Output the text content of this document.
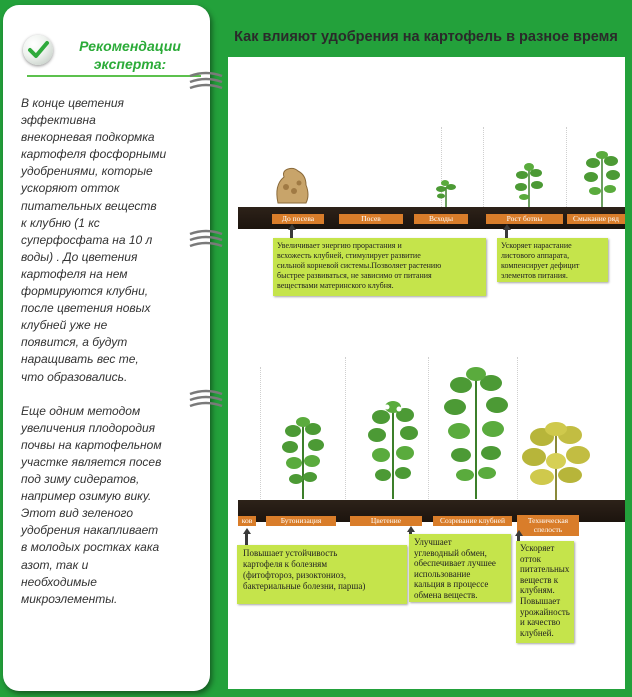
Рекомендации
эксперта:
В конце цветения
эффективна
внекорневая подкормка
картофеля фосфорными
удобрениями, которые
ускоряют отток
питательных веществ
к клубню (1 кс
суперфосфата на 10 л
воды) . До цветения
картофеля на нем
формируются клубни,
после цветения новых
клубней уже не
появится, а будут
наращивать вес те,
что образовались.

Еще одним методом
увеличения плодородия
почвы на картофельном
участке является посев
под зиму сидератов,
например озимую вику.
Этот вид зеленого
удобрения накапливает
в молодых ростках кака
азот, так и
необходимые
микроэлементы.
Как влияют удобрения на картофель в разное время
До посева	Посев	Всходы	Рост ботвы	Смыкание ряд
Увеличивает энергию прорастания и
всхожесть клубней, стимулирует развитие
сильной корневой системы.Позволяет растению
быстрее развиваться, не зависимо от питания
веществами материнского клубня.
Ускоряет нарастание
листового аппарата,
компенсирует дефицит
элементов питания.
ков	Бутонизация	Цветение	Созревание клубней	Техническая
спелость
Повышает устойчивость
картофеля к болезням
(фитофтороз, ризоктониоз,
бактериальные болезни, парша)
Улучшает
углеводный обмен,
обеспечивает лучшее
использование
кальция в процессе
обмена веществ.
Ускоряет
отток
питательных
веществ к
клубням.
Повышает
урожайность
и качество
клубней.
